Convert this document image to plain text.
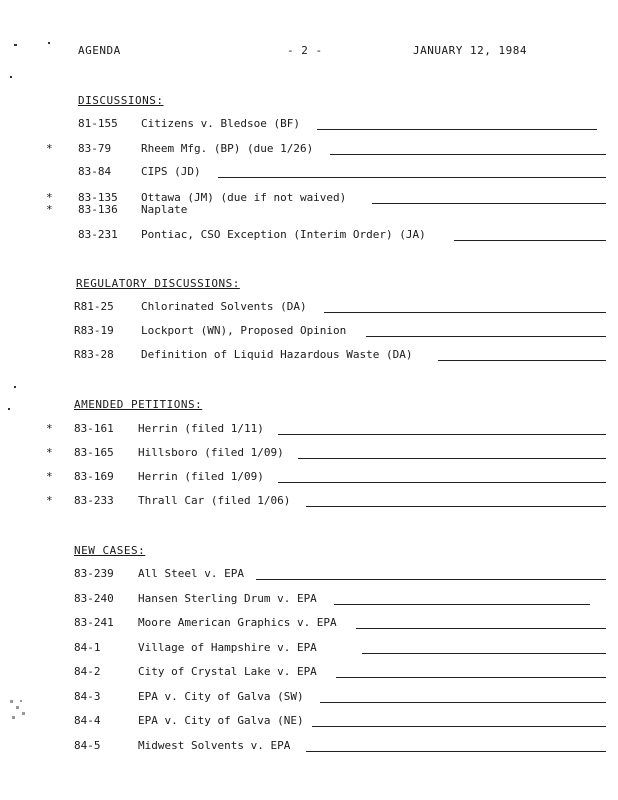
AGENDA	- 2 -	JANUARY 12, 1984
DISCUSSIONS:
81-155 Citizens v. Bledsoe (BF)
* 83-79	Rheem Mfg. (BP) (due 1/26)
83-84	CIPS (JD)
* 83-135 Ottawa (JM) (due if not waived)
* 83-136 Naplate
83-231 Pontiac, CSO Exception (Interim Order) (JA)
REGULATORY DISCUSSIONS:
R81-25 Chlorinated Solvents (DA)
R83-19 Lockport (WN), Proposed Opinion
R83-28 Definition of Liquid Hazardous Waste (DA)
AMENDED PETITIONS:
* 83-161 Herrin (filed 1/11)
* 83-165 Hillsboro (filed 1/09)
* 83-169 Herrin (filed 1/09)
* 83-233 Thrall Car (filed 1/06)
NEW CASES:
83-239 All Steel v. EPA
83-240 Hansen Sterling Drum v. EPA
83-241 Moore American Graphics v. EPA
84-1	Village of Hampshire v. EPA
84-2	City of Crystal Lake v. EPA
84-3	EPA v. City of Galva (SW)
84-4	EPA v. City of Galva (NE)
84-5	Midwest Solvents v. EPA
